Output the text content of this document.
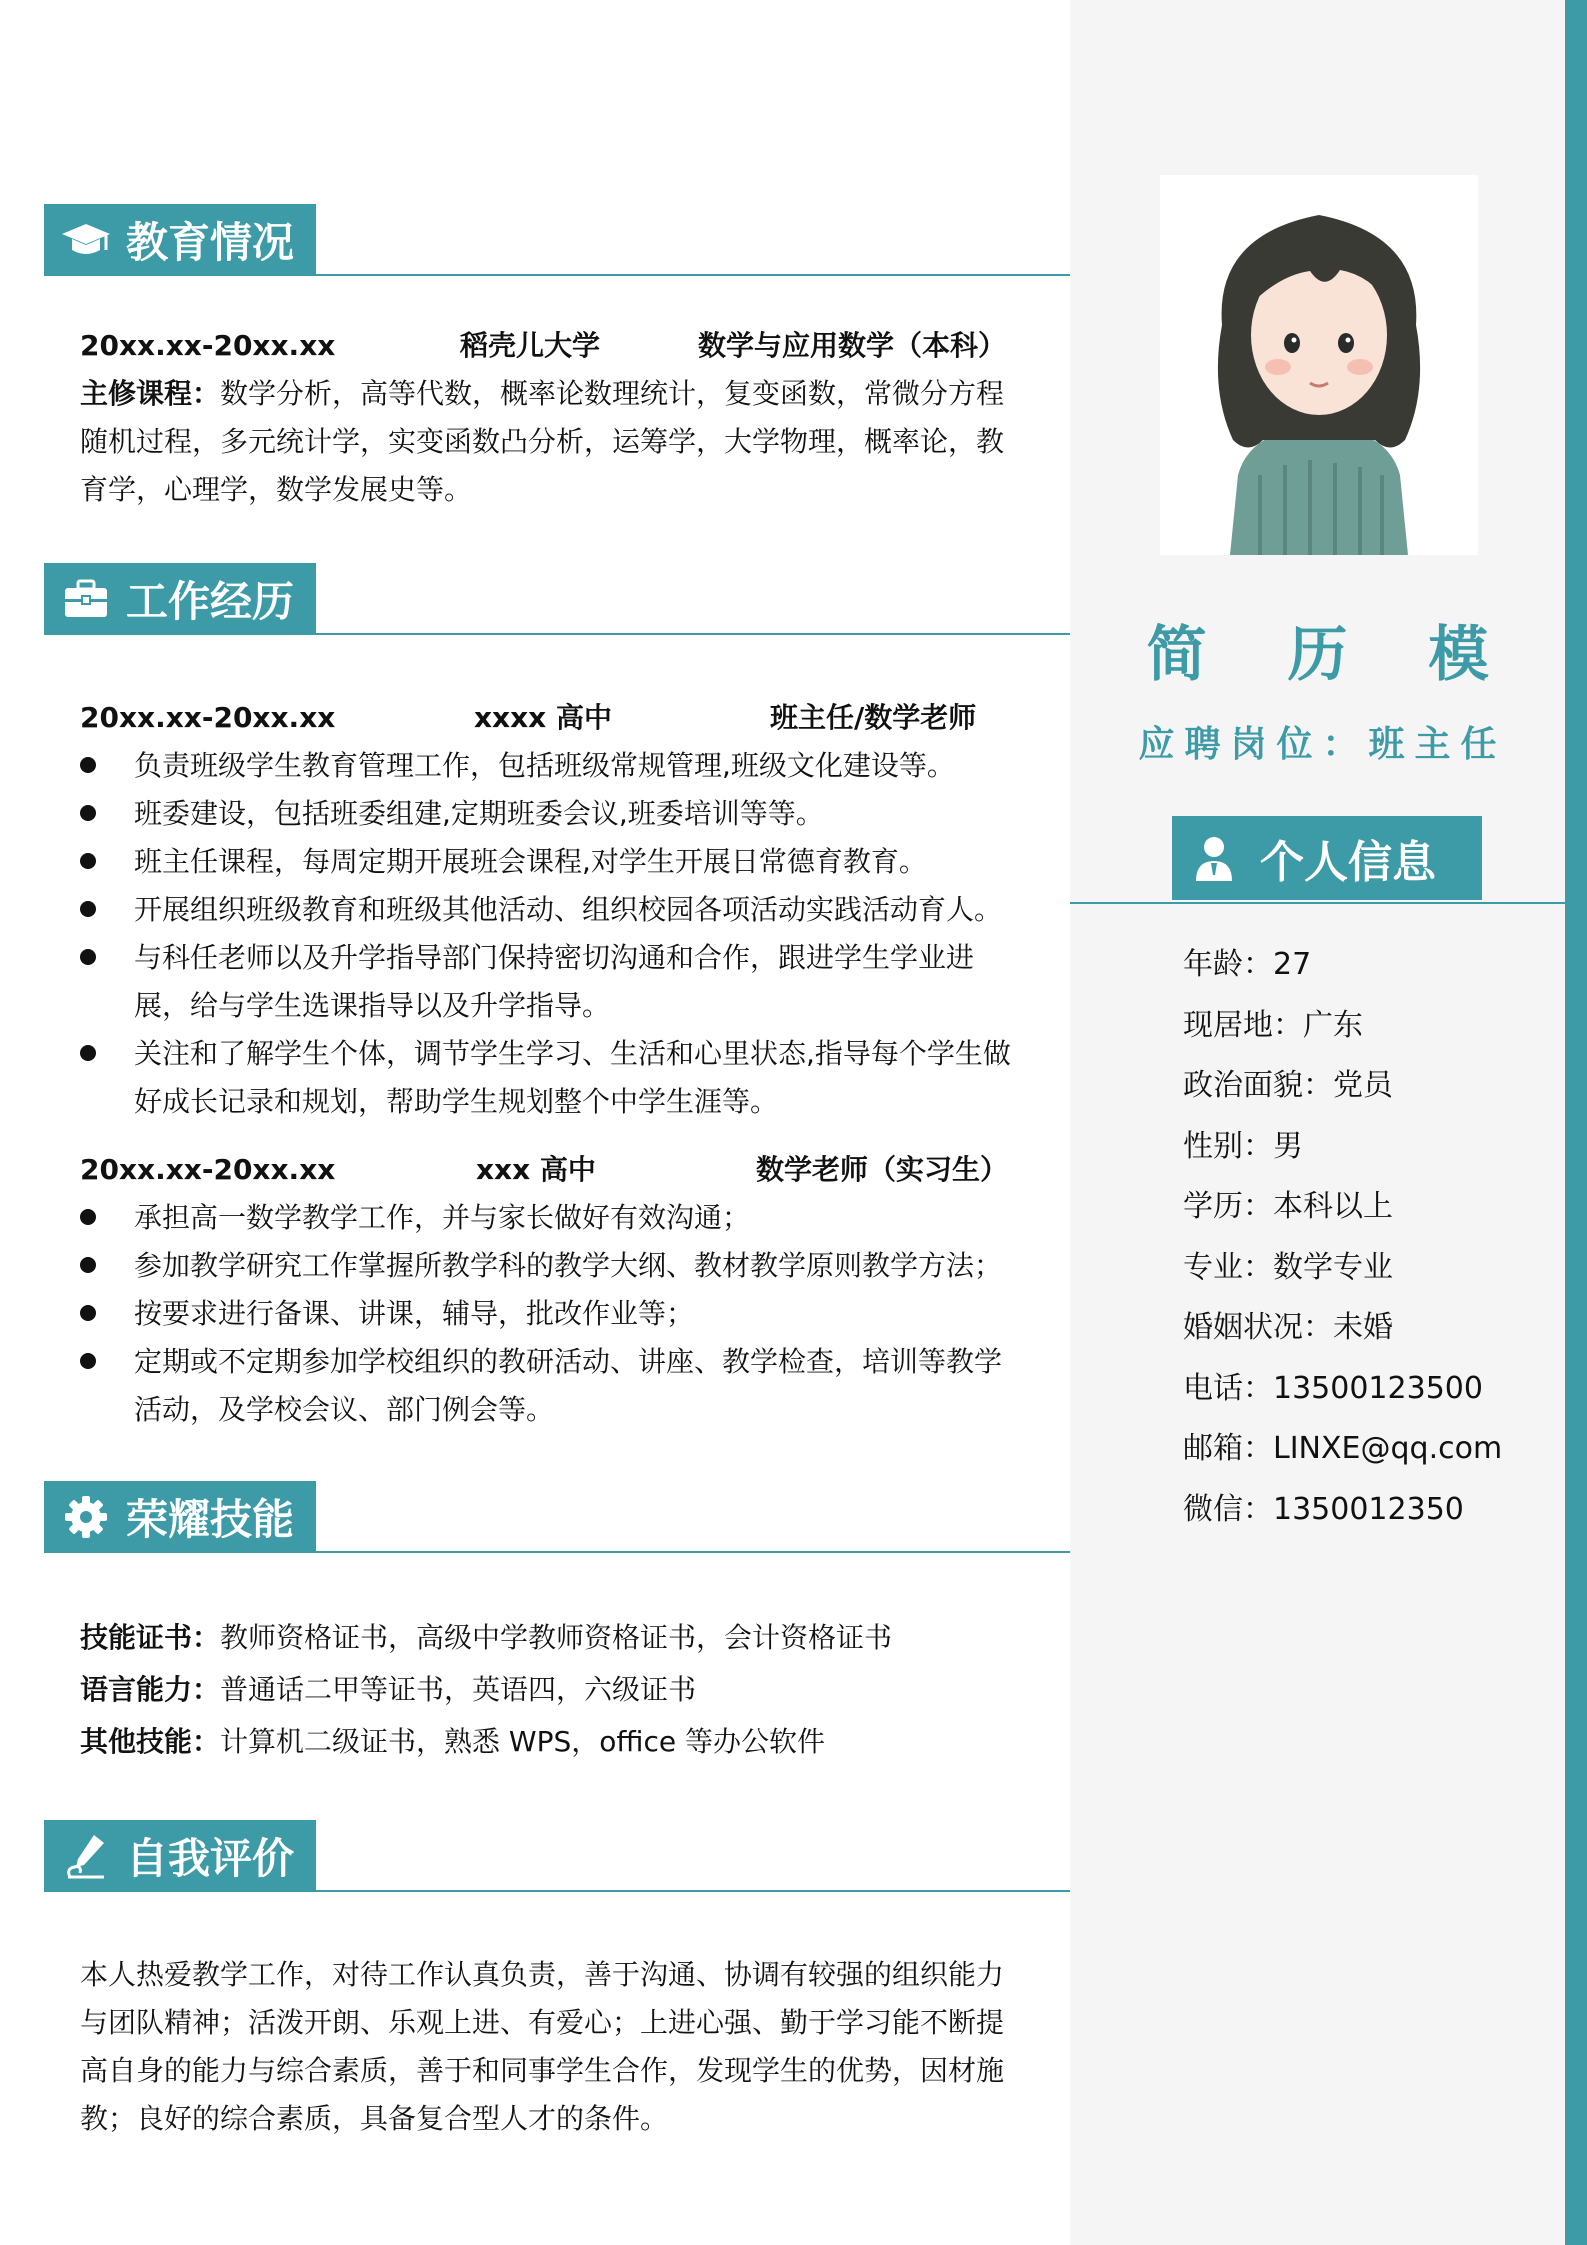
简 历 模
应聘岗位：班主任
个人信息
年龄：27
现居地：广东
政治面貌：党员
性别：男
学历：本科以上
专业：数学专业
婚姻状况：未婚
电话：13500123500
邮箱：LINXE@qq.com
微信：1350012350
教育情况
20xx.xx-20xx.xx	稻壳儿大学	数学与应用数学（本科）

主修课程：数学分析，高等代数，概率论数理统计，复变函数，常微分方程随机过程，多元统计学，实变函数凸分析，运筹学，大学物理，概率论，教育学，心理学，数学发展史等。

工作经历
20xx.xx-20xx.xx	xxxx 高中	班主任/数学老师
负责班级学生教育管理工作，包括班级常规管理,班级文化建设等。
班委建设，包括班委组建,定期班委会议,班委培训等等。
班主任课程，每周定期开展班会课程,对学生开展日常德育教育。
开展组织班级教育和班级其他活动、组织校园各项活动实践活动育人。
与科任老师以及升学指导部门保持密切沟通和合作，跟进学生学业进展，给与学生选课指导以及升学指导。
关注和了解学生个体，调节学生学习、生活和心里状态,指导每个学生做好成长记录和规划，帮助学生规划整个中学生涯等。
20xx.xx-20xx.xx	xxx 高中	数学老师（实习生）
承担高一数学教学工作，并与家长做好有效沟通；
参加教学研究工作掌握所教学科的教学大纲、教材教学原则教学方法；
按要求进行备课、讲课，辅导，批改作业等；
定期或不定期参加学校组织的教研活动、讲座、教学检查，培训等教学活动，及学校会议、部门例会等。
荣耀技能
技能证书：教师资格证书，高级中学教师资格证书，会计资格证书
语言能力：普通话二甲等证书，英语四，六级证书
其他技能：计算机二级证书，熟悉 WPS，office 等办公软件
自我评价

本人热爱教学工作，对待工作认真负责，善于沟通、协调有较强的组织能力与团队精神；活泼开朗、乐观上进、有爱心；上进心强、勤于学习能不断提高自身的能力与综合素质，善于和同事学生合作，发现学生的优势，因材施教；良好的综合素质，具备复合型人才的条件。
